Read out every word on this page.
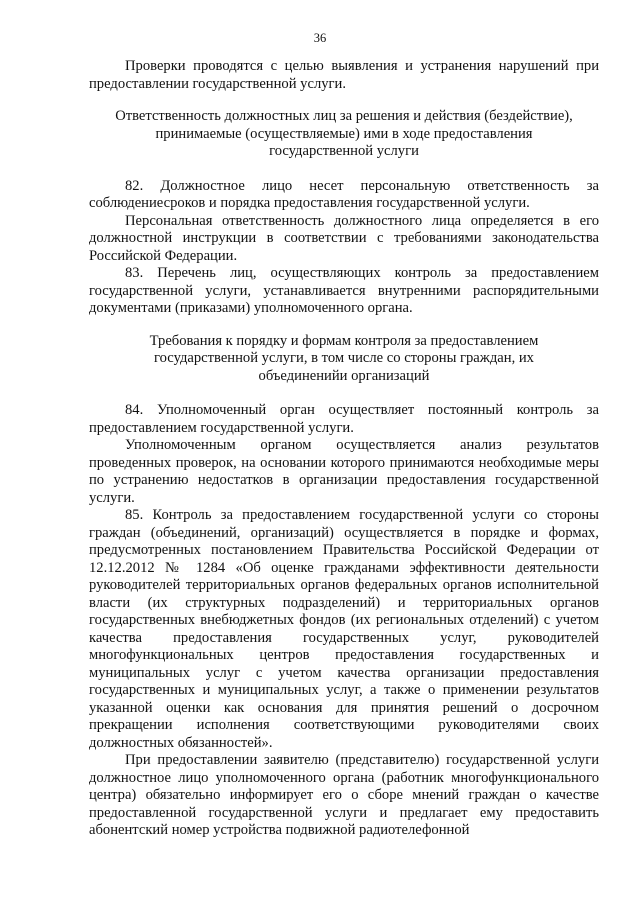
36

Проверки проводятся с целью выявления и устранения нарушений при предоставлении государственной услуги.

Ответственность должностных лиц за решения и действия (бездействие), принимаемые (осуществляемые) ими в ходе предоставления государственной услуги

82. Должностное лицо несет персональную ответственность за соблюдениесроков и порядка предоставления государственной услуги.

Персональная ответственность должностного лица определяется в его должностной инструкции в соответствии с требованиями законодательства Российской Федерации.

83. Перечень лиц, осуществляющих контроль за предоставлением государственной услуги, устанавливается внутренними распорядительными документами (приказами) уполномоченного органа.

Требования к порядку и формам контроля за предоставлением государственной услуги, в том числе со стороны граждан, их объединенийи организаций

84. Уполномоченный орган осуществляет постоянный контроль за предоставлением государственной услуги.

Уполномоченным органом осуществляется анализ результатов проведенных проверок, на основании которого принимаются необходимые меры по устранению недостатков в организации предоставления государственной услуги.

85. Контроль за предоставлением государственной услуги со стороны граждан (объединений, организаций) осуществляется в порядке и формах, предусмотренных постановлением Правительства Российской Федерации от 12.12.2012 № 1284 «Об оценке гражданами эффективности деятельности руководителей территориальных органов федеральных органов исполнительной власти (их структурных подразделений) и территориальных органов государственных внебюджетных фондов (их региональных отделений) с учетом качества предоставления государственных услуг, руководителей многофункциональных центров предоставления государственных и муниципальных услуг с учетом качества организации предоставления государственных и муниципальных услуг, а также о применении результатов указанной оценки как основания для принятия решений о досрочном прекращении исполнения соответствующими руководителями своих должностных обязанностей».

При предоставлении заявителю (представителю) государственной услуги должностное лицо уполномоченного органа (работник многофункционального центра) обязательно информирует его о сборе мнений граждан о качестве предоставленной государственной услуги и предлагает ему предоставить абонентский номер устройства подвижной радиотелефонной
